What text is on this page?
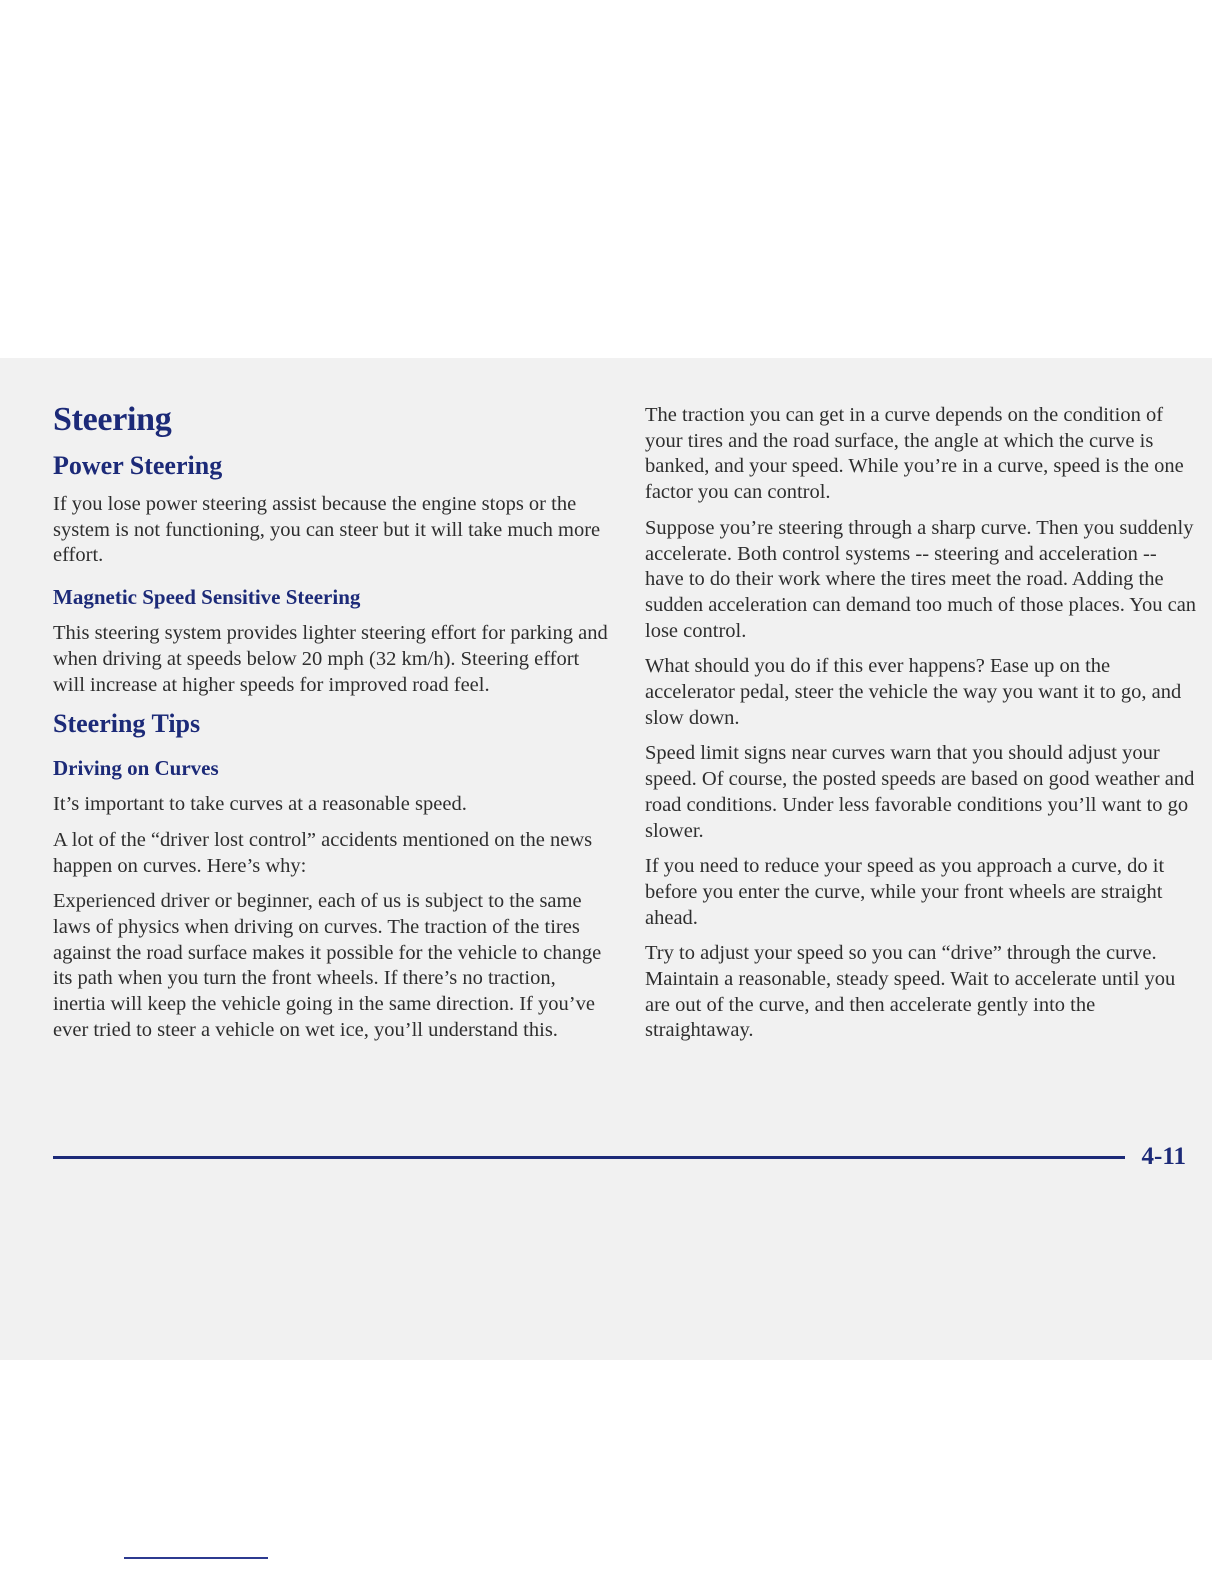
Steering
Power Steering

If you lose power steering assist because the engine stops or the system is not functioning, you can steer but it will take much more effort.

Magnetic Speed Sensitive Steering

This steering system provides lighter steering effort for parking and when driving at speeds below 20 mph (32 km/h). Steering effort will increase at higher speeds for improved road feel.

Steering Tips
Driving on Curves

It’s important to take curves at a reasonable speed.

A lot of the “driver lost control” accidents mentioned on the news happen on curves. Here’s why:

Experienced driver or beginner, each of us is subject to the same laws of physics when driving on curves. The traction of the tires against the road surface makes it possible for the vehicle to change its path when you turn the front wheels. If there’s no traction, inertia will keep the vehicle going in the same direction. If you’ve ever tried to steer a vehicle on wet ice, you’ll understand this.

The traction you can get in a curve depends on the condition of your tires and the road surface, the angle at which the curve is banked, and your speed. While you’re in a curve, speed is the one factor you can control.

Suppose you’re steering through a sharp curve. Then you suddenly accelerate. Both control systems -- steering and acceleration -- have to do their work where the tires meet the road. Adding the sudden acceleration can demand too much of those places. You can lose control.

What should you do if this ever happens? Ease up on the accelerator pedal, steer the vehicle the way you want it to go, and slow down.

Speed limit signs near curves warn that you should adjust your speed. Of course, the posted speeds are based on good weather and road conditions. Under less favorable conditions you’ll want to go slower.

If you need to reduce your speed as you approach a curve, do it before you enter the curve, while your front wheels are straight ahead.

Try to adjust your speed so you can “drive” through the curve. Maintain a reasonable, steady speed. Wait to accelerate until you are out of the curve, and then accelerate gently into the straightaway.

4-11
